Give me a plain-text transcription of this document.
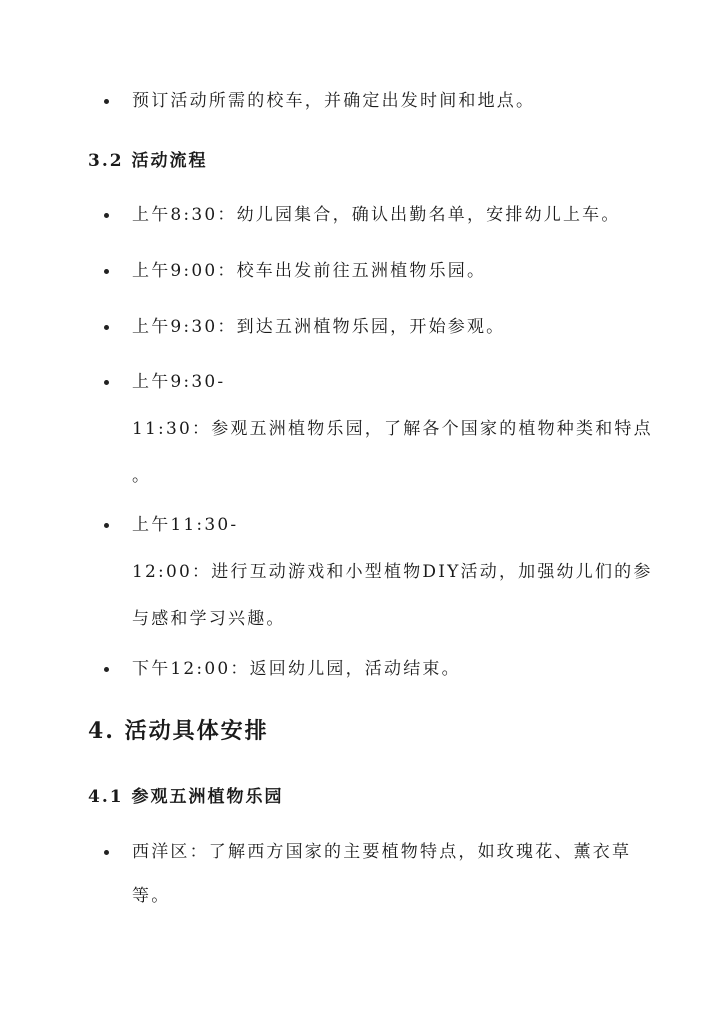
预订活动所需的校车，并确定出发时间和地点。
3.2 活动流程
上午8:30：幼儿园集合，确认出勤名单，安排幼儿上车。
上午9:00：校车出发前往五洲植物乐园。
上午9:30：到达五洲植物乐园，开始参观。
上午9:30-
11:30：参观五洲植物乐园，了解各个国家的植物种类和特点
。
上午11:30-
12:00：进行互动游戏和小型植物DIY活动，加强幼儿们的参
与感和学习兴趣。
下午12:00：返回幼儿园，活动结束。
4. 活动具体安排
4.1 参观五洲植物乐园
西洋区：了解西方国家的主要植物特点，如玫瑰花、薰衣草
等。
